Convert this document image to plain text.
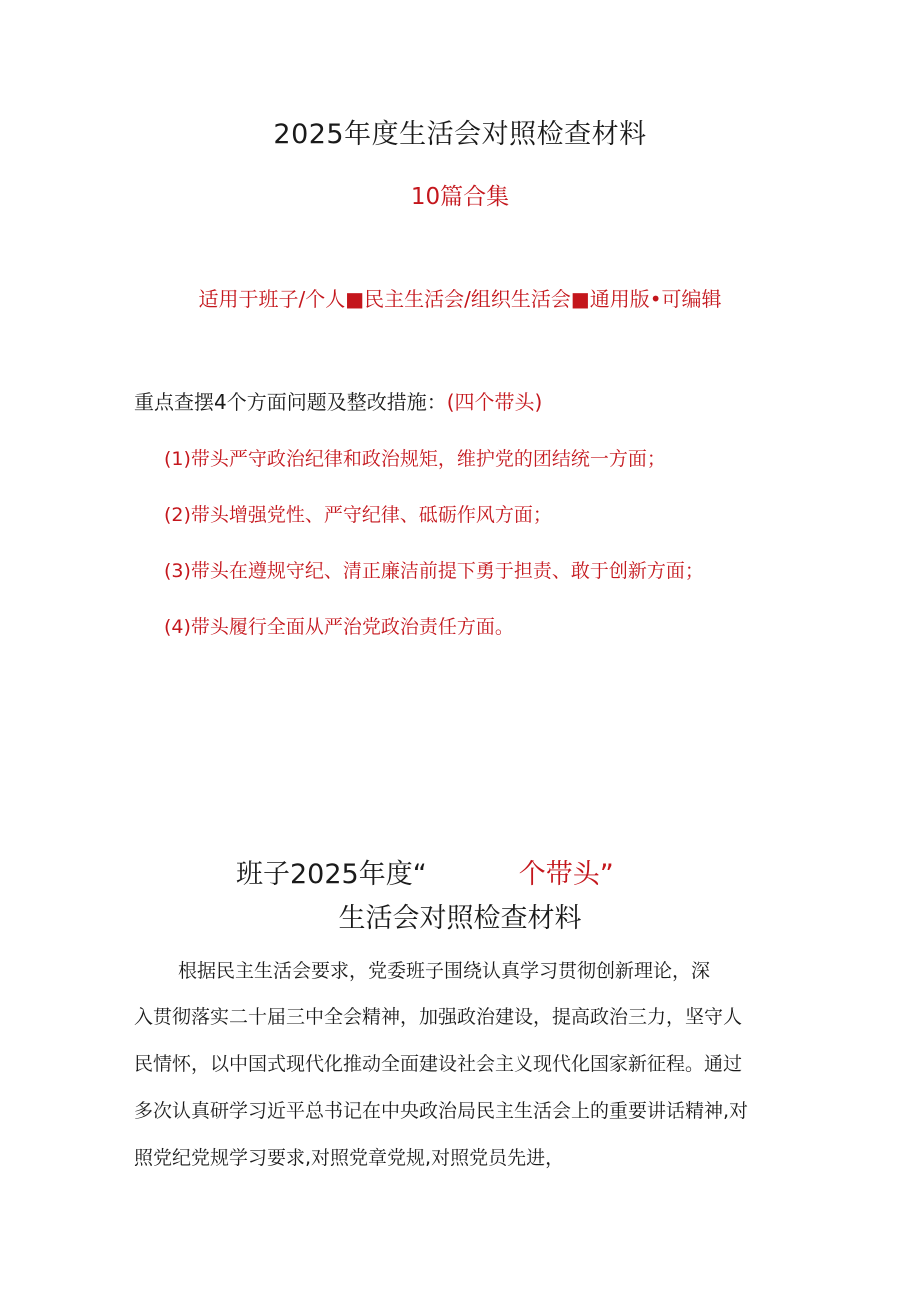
2025年度生活会对照检查材料
10篇合集
适用于班子/个人■民主生活会/组织生活会■通用版•可编辑
重点查摆4个方面问题及整改措施：(四个带头)
(1)带头严守政治纪律和政治规矩，维护党的团结统一方面；
(2)带头增强党性、严守纪律、砥砺作风方面；
(3)带头在遵规守纪、清正廉洁前提下勇于担责、敢于创新方面；
(4)带头履行全面从严治党政治责任方面。
班子2025年度“	个带头”
生活会对照检查材料
根据民主生活会要求，党委班子围绕认真学习贯彻创新理论，深
入贯彻落实二十届三中全会精神，加强政治建设，提高政治三力，坚守人
民情怀，以中国式现代化推动全面建设社会主义现代化国家新征程。通过
多次认真研学习近平总书记在中央政治局民主生活会上的重要讲话精神,对
照党纪党规学习要求,对照党章党规,对照党员先进，
